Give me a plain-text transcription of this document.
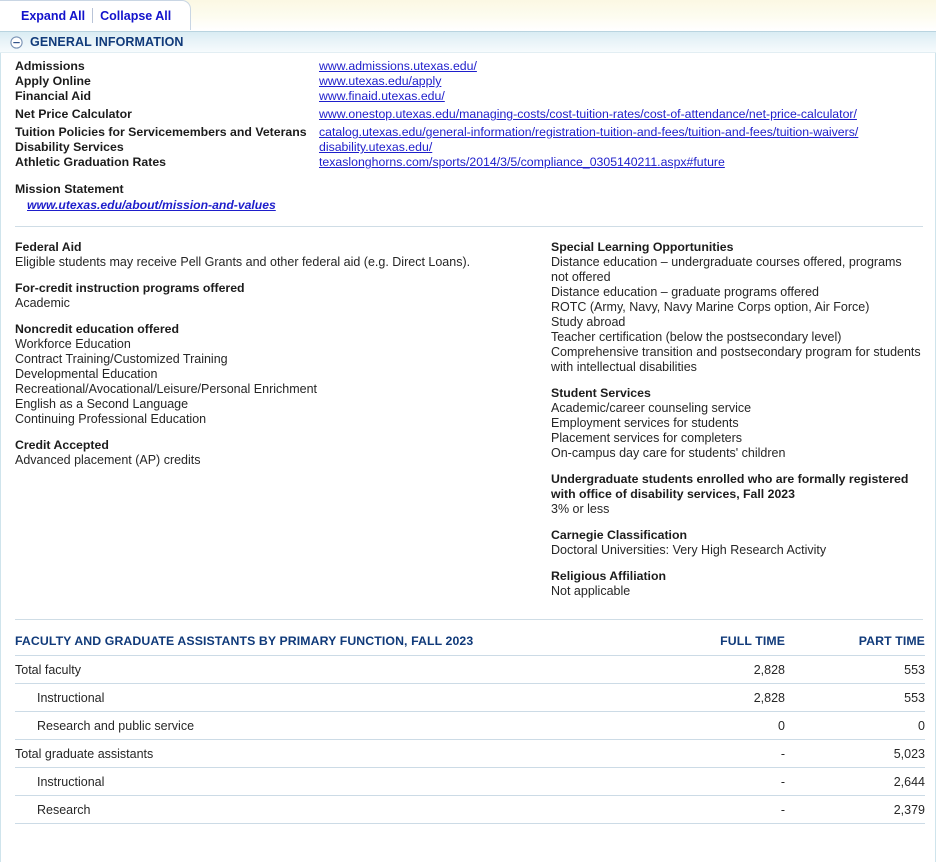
Expand All	Collapse All
GENERAL INFORMATION
Admissions	www.admissions.utexas.edu/
Apply Online	www.utexas.edu/apply
Financial Aid	www.finaid.utexas.edu/
Net Price Calculator	www.onestop.utexas.edu/managing-costs/cost-tuition-rates/cost-of-attendance/net-price-calculator/
Tuition Policies for Servicemembers and Veterans	catalog.utexas.edu/general-information/registration-tuition-and-fees/tuition-and-fees/tuition-waivers/
Disability Services	disability.utexas.edu/
Athletic Graduation Rates	texaslonghorns.com/sports/2014/3/5/compliance_0305140211.aspx#future
Mission Statement
www.utexas.edu/about/mission-and-values
Federal Aid

Eligible students may receive Pell Grants and other federal aid (e.g. Direct Loans).

For-credit instruction programs offered

Academic

Noncredit education offered

Workforce Education

Contract Training/Customized Training

Developmental Education

Recreational/Avocational/Leisure/Personal Enrichment

English as a Second Language

Continuing Professional Education

Credit Accepted

Advanced placement (AP) credits

Special Learning Opportunities

Distance education – undergraduate courses offered, programs not offered

Distance education – graduate programs offered

ROTC (Army, Navy, Navy Marine Corps option, Air Force)

Study abroad

Teacher certification (below the postsecondary level)

Comprehensive transition and postsecondary program for students with intellectual disabilities

Student Services

Academic/career counseling service

Employment services for students

Placement services for completers

On-campus day care for students' children

Undergraduate students enrolled who are formally registered with office of disability services, Fall 2023

3% or less

Carnegie Classification

Doctoral Universities: Very High Research Activity

Religious Affiliation

Not applicable

FACULTY AND GRADUATE ASSISTANTS BY PRIMARY FUNCTION, FALL 2023	FULL TIME	PART TIME
Total faculty	2,828	553
Instructional	2,828	553
Research and public service	0	0
Total graduate assistants	-	5,023
Instructional	-	2,644
Research	-	2,379
